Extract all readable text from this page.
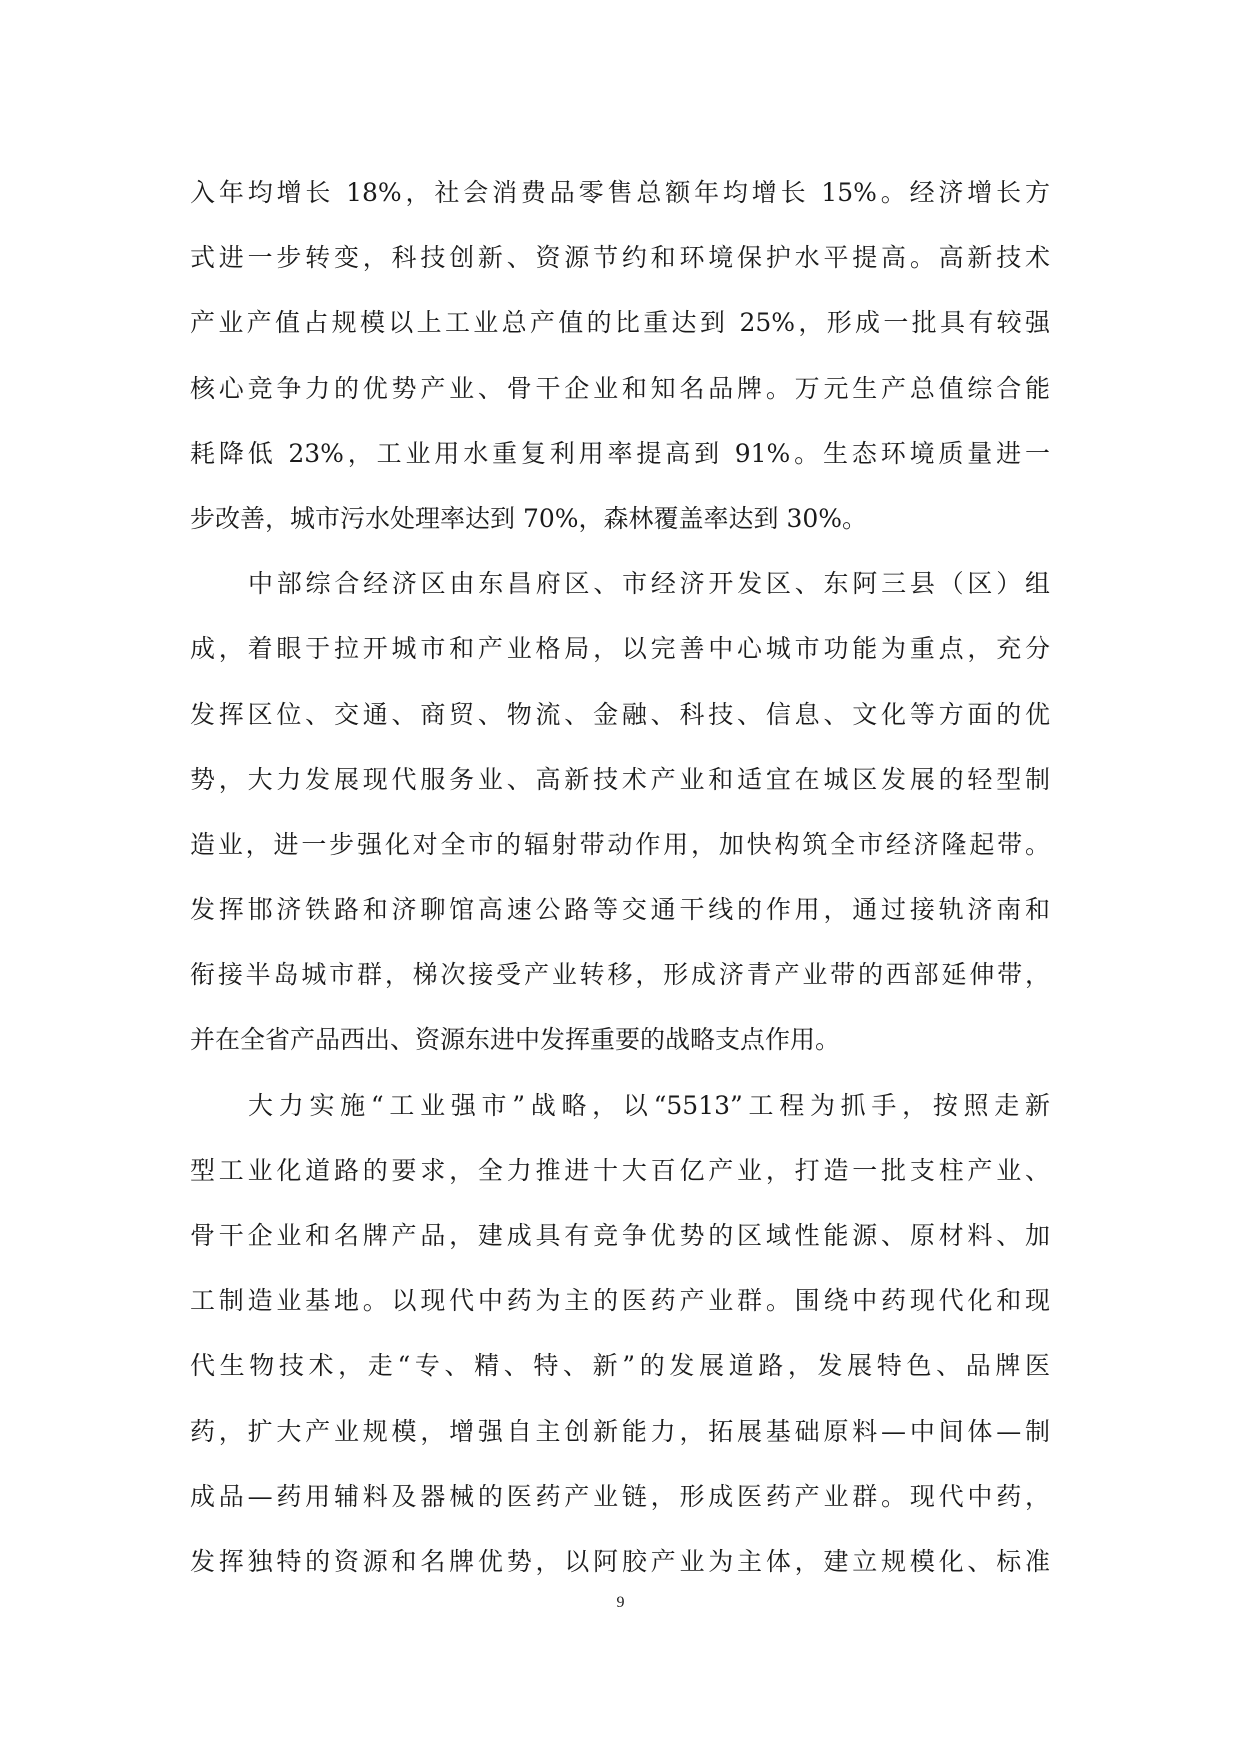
入年均增长 18%，社会消费品零售总额年均增长 15%。经济增长方
式进一步转变，科技创新、资源节约和环境保护水平提高。高新技术
产业产值占规模以上工业总产值的比重达到 25%，形成一批具有较强
核心竞争力的优势产业、骨干企业和知名品牌。万元生产总值综合能
耗降低 23%，工业用水重复利用率提高到 91%。生态环境质量进一
步改善，城市污水处理率达到 70%，森林覆盖率达到 30%。
中部综合经济区由东昌府区、市经济开发区、东阿三县（区）组
成，着眼于拉开城市和产业格局，以完善中心城市功能为重点，充分
发挥区位、交通、商贸、物流、金融、科技、信息、文化等方面的优
势，大力发展现代服务业、高新技术产业和适宜在城区发展的轻型制
造业，进一步强化对全市的辐射带动作用，加快构筑全市经济隆起带。
发挥邯济铁路和济聊馆高速公路等交通干线的作用，通过接轨济南和
衔接半岛城市群，梯次接受产业转移，形成济青产业带的西部延伸带，
并在全省产品西出、资源东进中发挥重要的战略支点作用。
大力实施“工业强市”战略，以“5513”工程为抓手，按照走新
型工业化道路的要求，全力推进十大百亿产业，打造一批支柱产业、
骨干企业和名牌产品，建成具有竞争优势的区域性能源、原材料、加
工制造业基地。以现代中药为主的医药产业群。围绕中药现代化和现
代生物技术，走“专、精、特、新”的发展道路，发展特色、品牌医
药，扩大产业规模，增强自主创新能力，拓展基础原料—中间体—制
成品—药用辅料及器械的医药产业链，形成医药产业群。现代中药，
发挥独特的资源和名牌优势，以阿胶产业为主体，建立规模化、标准
9
